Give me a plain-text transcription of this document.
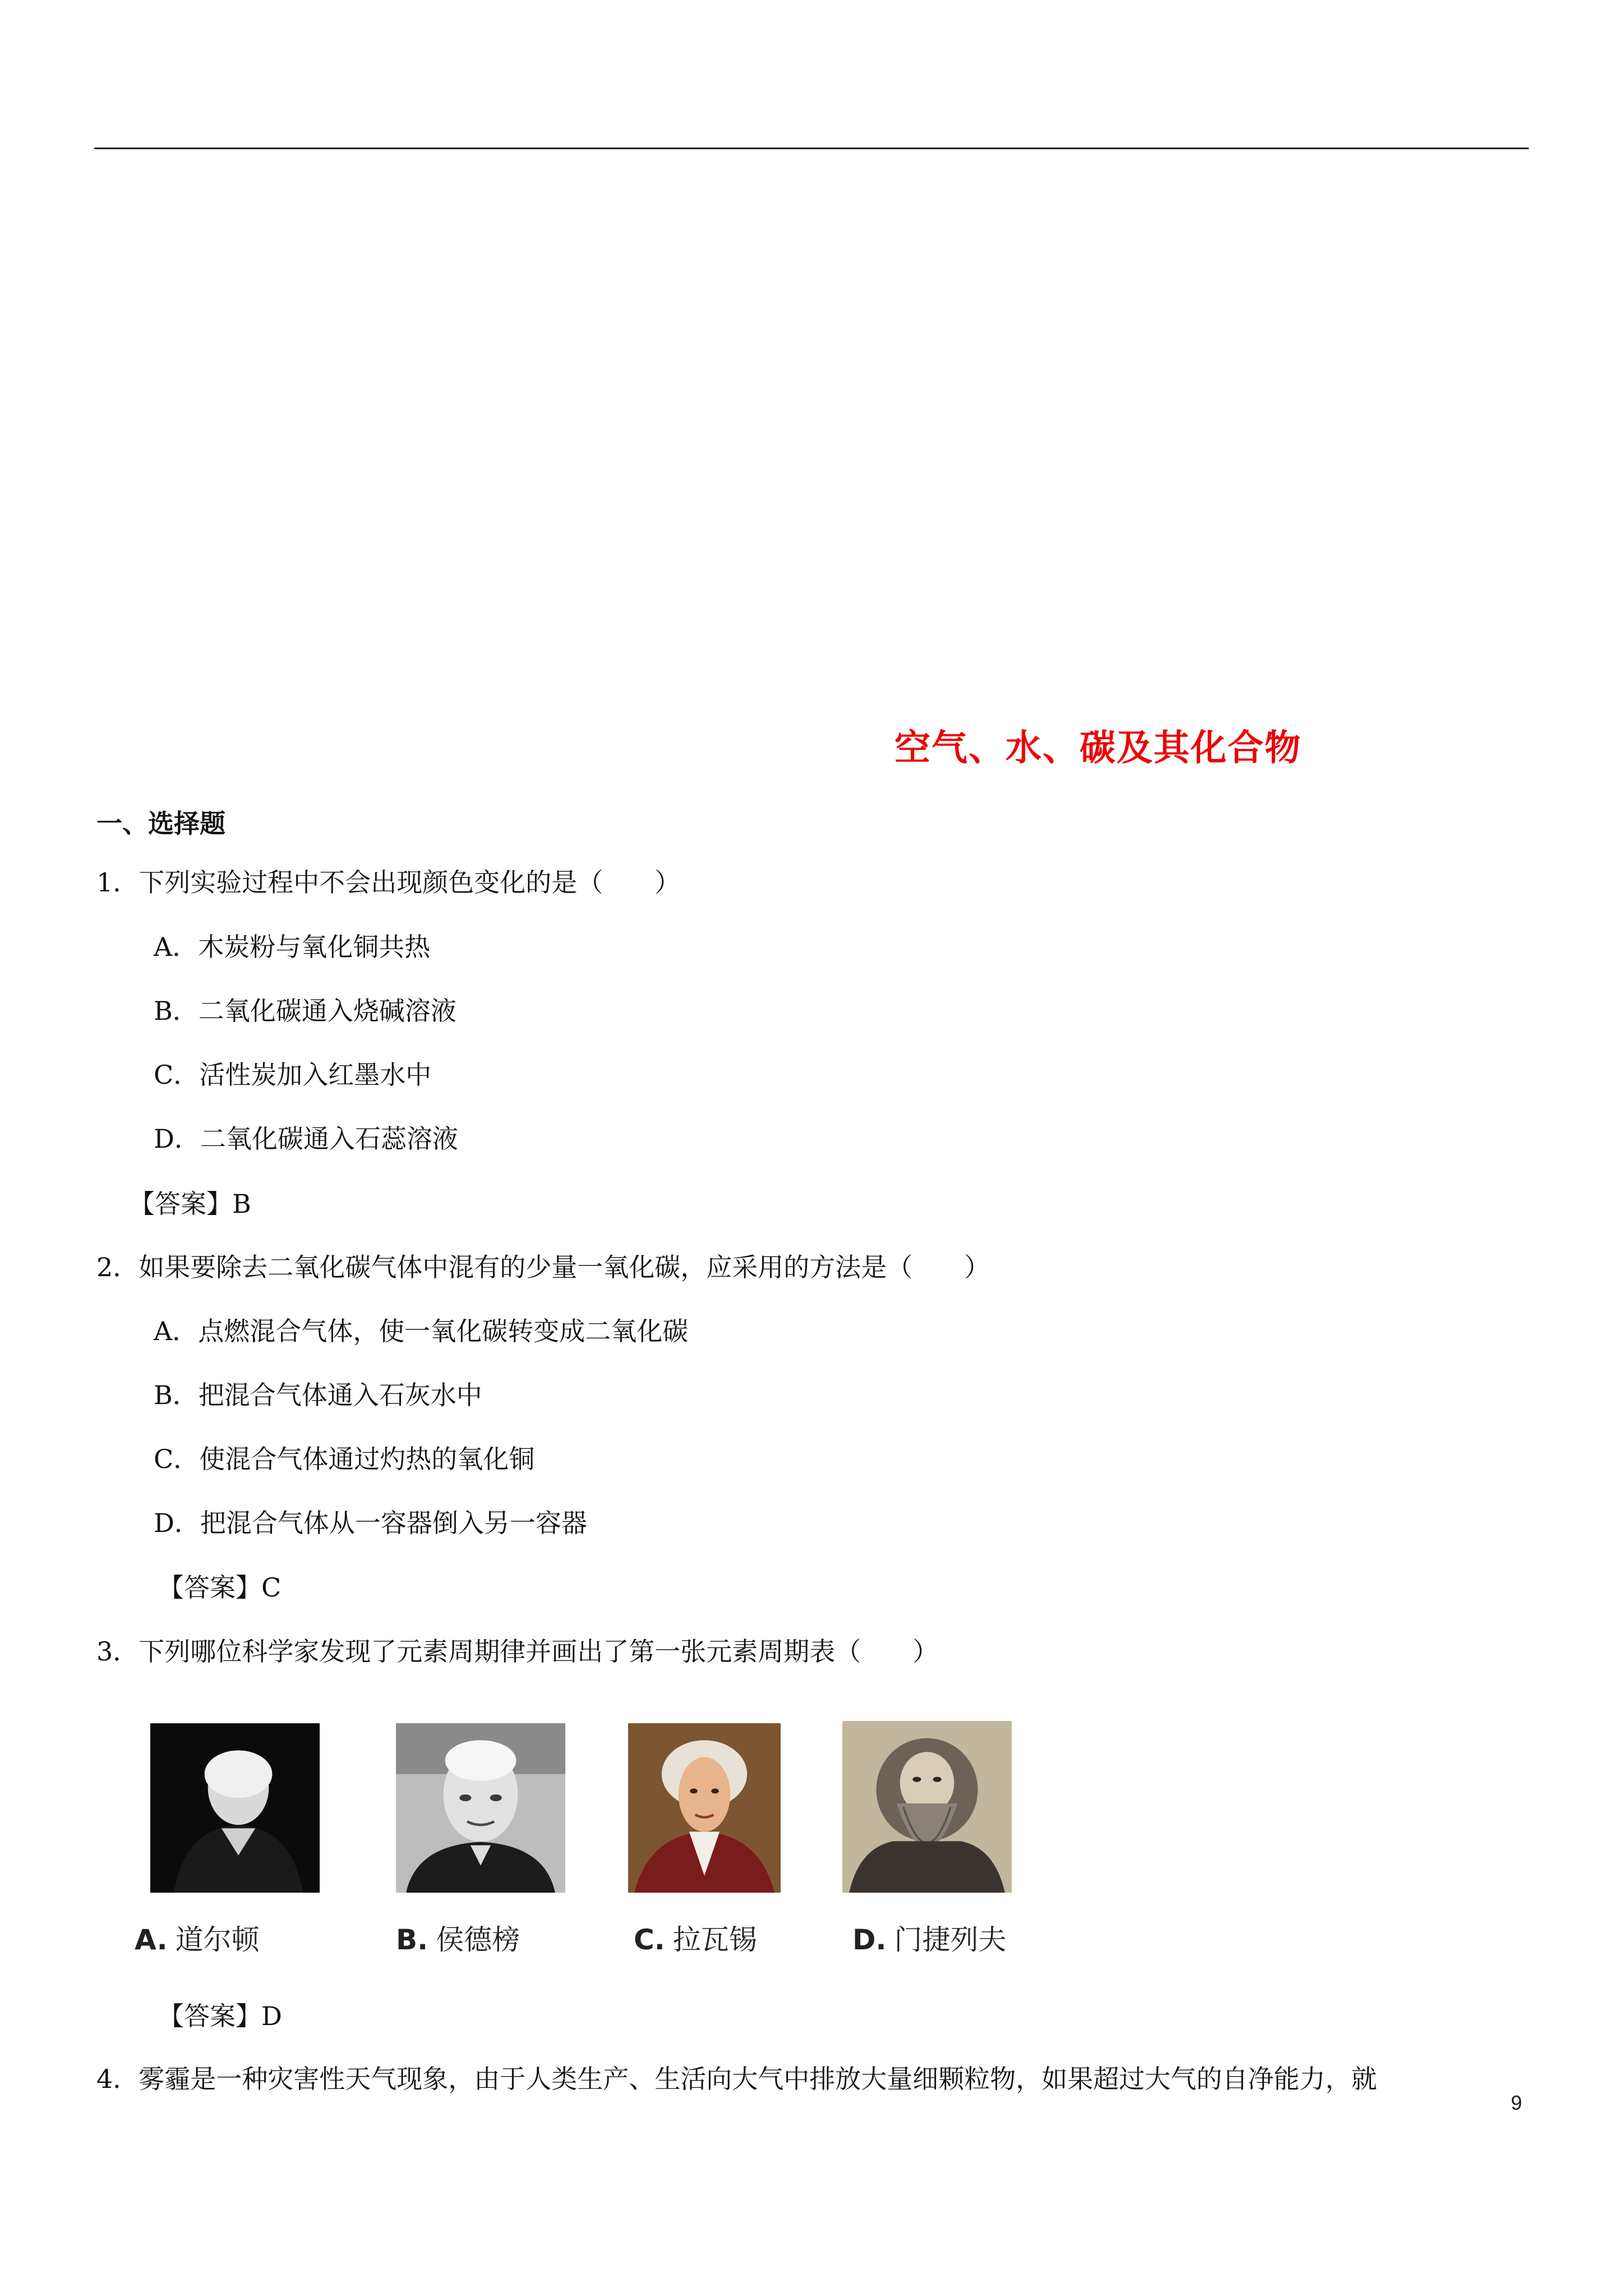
空气、水、碳及其化合物
一、选择题
1．下列实验过程中不会出现颜色变化的是（　　）
A．木炭粉与氧化铜共热
B．二氧化碳通入烧碱溶液
C．活性炭加入红墨水中
D．二氧化碳通入石蕊溶液
【答案】B
2．如果要除去二氧化碳气体中混有的少量一氧化碳，应采用的方法是（　　）
A．点燃混合气体，使一氧化碳转变成二氧化碳
B．把混合气体通入石灰水中
C．使混合气体通过灼热的氧化铜
D．把混合气体从一容器倒入另一容器
【答案】C
3．下列哪位科学家发现了元素周期律并画出了第一张元素周期表（　　）
A. 道尔顿	B. 侯德榜	C. 拉瓦锡	D. 门捷列夫
【答案】D
4．雾霾是一种灾害性天气现象，由于人类生产、生活向大气中排放大量细颗粒物，如果超过大气的自净能力，就
9
